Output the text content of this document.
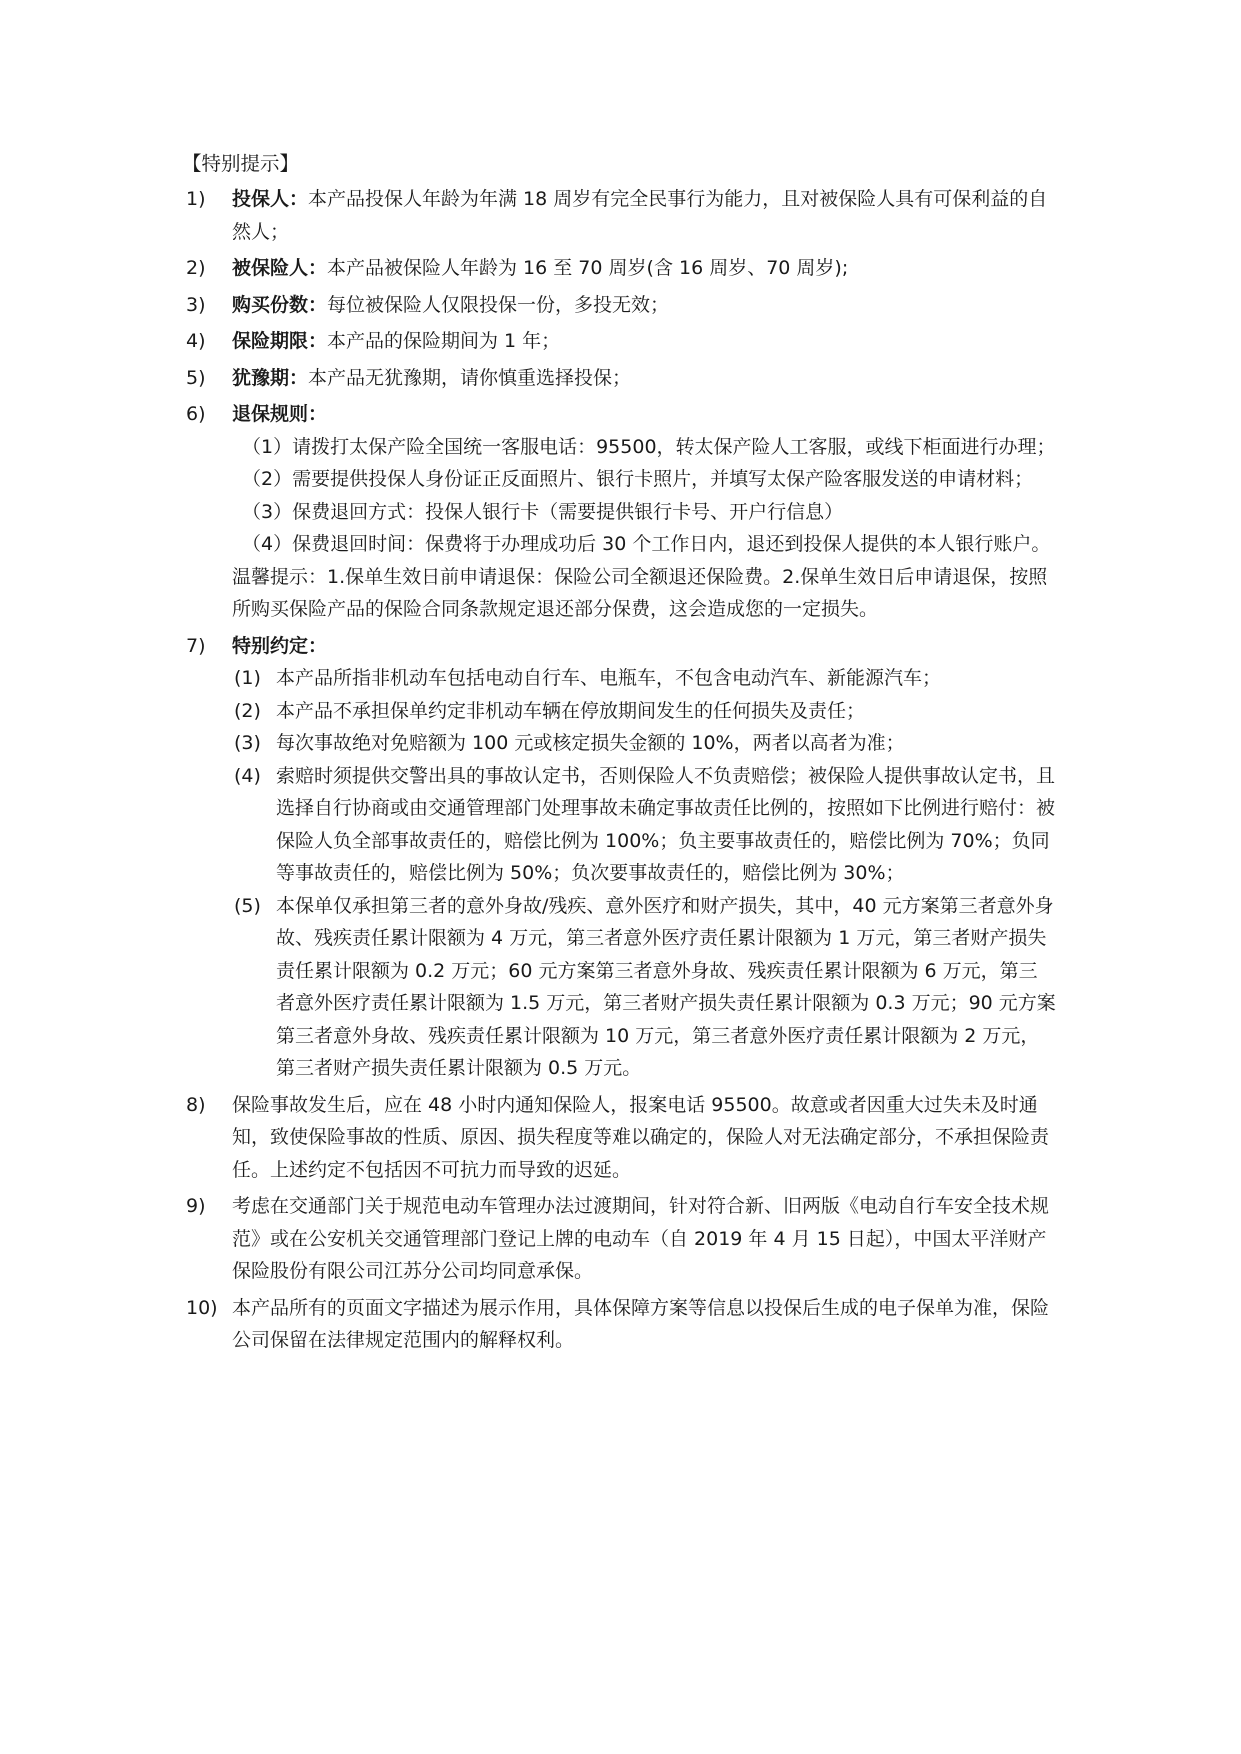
【特别提示】
1) 投保人：本产品投保人年龄为年满 18 周岁有完全民事行为能力，且对被保险人具有可保利益的自然人；
2) 被保险人：本产品被保险人年龄为 16 至 70 周岁(含 16 周岁、70 周岁);
3) 购买份数：每位被保险人仅限投保一份，多投无效；
4) 保险期限：本产品的保险期间为 1 年；
5) 犹豫期：本产品无犹豫期，请你慎重选择投保；
6) 退保规则：
（1）请拨打太保产险全国统一客服电话：95500，转太保产险人工客服，或线下柜面进行办理；
（2）需要提供投保人身份证正反面照片、银行卡照片，并填写太保产险客服发送的申请材料；
（3）保费退回方式：投保人银行卡（需要提供银行卡号、开户行信息）
（4）保费退回时间：保费将于办理成功后 30 个工作日内，退还到投保人提供的本人银行账户。
温馨提示：1.保单生效日前申请退保：保险公司全额退还保险费。2.保单生效日后申请退保，按照所购买保险产品的保险合同条款规定退还部分保费，这会造成您的一定损失。
7) 特别约定：
(1) 本产品所指非机动车包括电动自行车、电瓶车，不包含电动汽车、新能源汽车；
(2) 本产品不承担保单约定非机动车辆在停放期间发生的任何损失及责任；
(3) 每次事故绝对免赔额为 100 元或核定损失金额的 10%，两者以高者为准；
(4) 索赔时须提供交警出具的事故认定书，否则保险人不负责赔偿；被保险人提供事故认定书，且选择自行协商或由交通管理部门处理事故未确定事故责任比例的，按照如下比例进行赔付：被保险人负全部事故责任的，赔偿比例为 100%；负主要事故责任的，赔偿比例为 70%；负同等事故责任的，赔偿比例为 50%；负次要事故责任的，赔偿比例为 30%；
(5) 本保单仅承担第三者的意外身故/残疾、意外医疗和财产损失，其中，40 元方案第三者意外身故、残疾责任累计限额为 4 万元，第三者意外医疗责任累计限额为 1 万元，第三者财产损失责任累计限额为 0.2 万元；60 元方案第三者意外身故、残疾责任累计限额为 6 万元，第三者意外医疗责任累计限额为 1.5 万元，第三者财产损失责任累计限额为 0.3 万元；90 元方案第三者意外身故、残疾责任累计限额为 10 万元，第三者意外医疗责任累计限额为 2 万元，第三者财产损失责任累计限额为 0.5 万元。
8) 保险事故发生后，应在 48 小时内通知保险人，报案电话 95500。故意或者因重大过失未及时通知，致使保险事故的性质、原因、损失程度等难以确定的，保险人对无法确定部分，不承担保险责任。上述约定不包括因不可抗力而导致的迟延。
9) 考虑在交通部门关于规范电动车管理办法过渡期间，针对符合新、旧两版《电动自行车安全技术规范》或在公安机关交通管理部门登记上牌的电动车（自 2019 年 4 月 15 日起），中国太平洋财产保险股份有限公司江苏分公司均同意承保。
10) 本产品所有的页面文字描述为展示作用，具体保障方案等信息以投保后生成的电子保单为准，保险公司保留在法律规定范围内的解释权利。
